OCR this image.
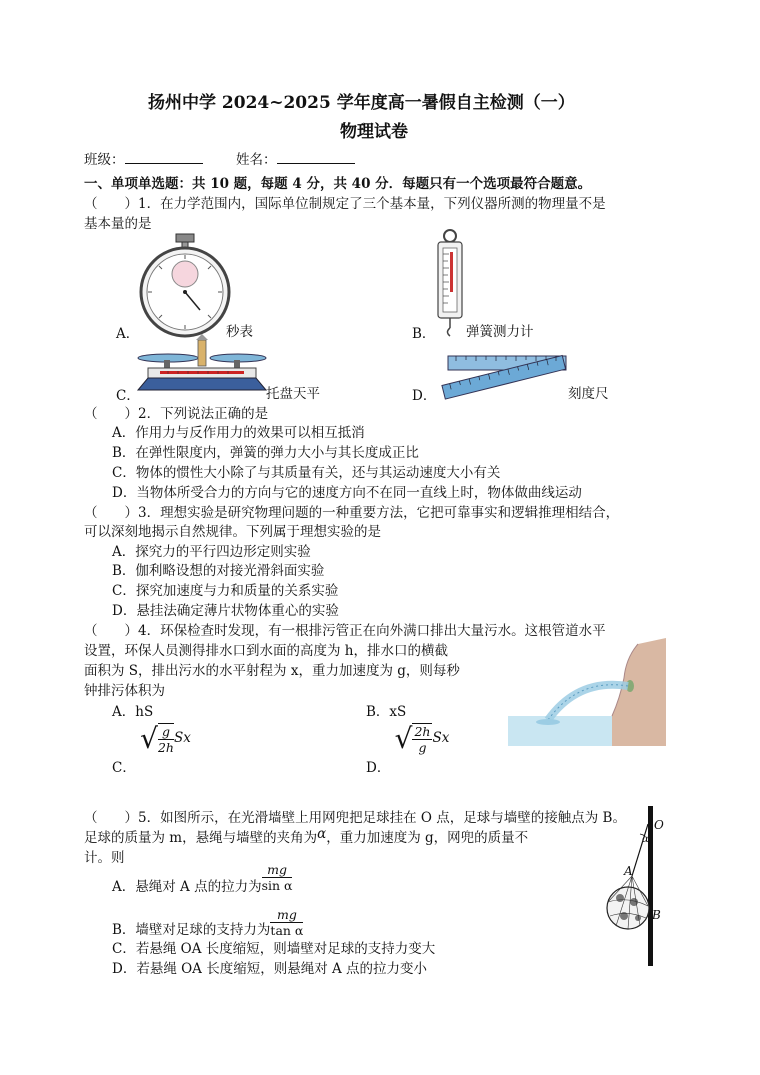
扬州中学 2024~2025 学年度高一暑假自主检测（一）
物理试卷
班级：	姓名：
一、单项单选题：共 10 题，每题 4 分，共 40 分．每题只有一个选项最符合题意。
（　　）1．在力学范围内，国际单位制规定了三个基本量，下列仪器所测的物理量不是
基本量的是
A．	秒表	B． 弹簧测力计
C．	托盘天平	D．	刻度尺
（　　）2．下列说法正确的是
A．作用力与反作用力的效果可以相互抵消
B．在弹性限度内，弹簧的弹力大小与其长度成正比
C．物体的惯性大小除了与其质量有关，还与其运动速度大小有关
D．当物体所受合力的方向与它的速度方向不在同一直线上时，物体做曲线运动
（　　）3．理想实验是研究物理问题的一种重要方法，它把可靠事实和逻辑推理相结合，
可以深刻地揭示自然规律。下列属于理想实验的是
A．探究力的平行四边形定则实验
B．伽利略设想的对接光滑斜面实验
C．探究加速度与力和质量的关系实验
D．悬挂法确定薄片状物体重心的实验
（　　）4．环保检查时发现，有一根排污管正在向外满口排出大量污水。这根管道水平
设置，环保人员测得排水口到水面的高度为 h，排水口的横截
面积为 S，排出污水的水平射程为 x，重力加速度为 g，则每秒
钟排污体积为
A．hS	B．xS
C． √ $\frac{g}{2h}$ Sx
D． √ $\frac{2h}{g}$ Sx
（　　）5．如图所示，在光滑墙壁上用网兜把足球挂在 O 点，足球与墙壁的接触点为 B。
足球的质量为 m，悬绳与墙壁的夹角为α，重力加速度为 g，网兜的质量不
计。则
A．悬绳对 A 点的拉力为 $\frac{mg}{\text{sin α}}$
B．墙壁对足球的支持力为 $\frac{mg}{\text{tan α}}$
C．若悬绳 OA 长度缩短，则墙壁对足球的支持力变大
D．若悬绳 OA 长度缩短，则悬绳对 A 点的拉力变小
O
α
A
B
